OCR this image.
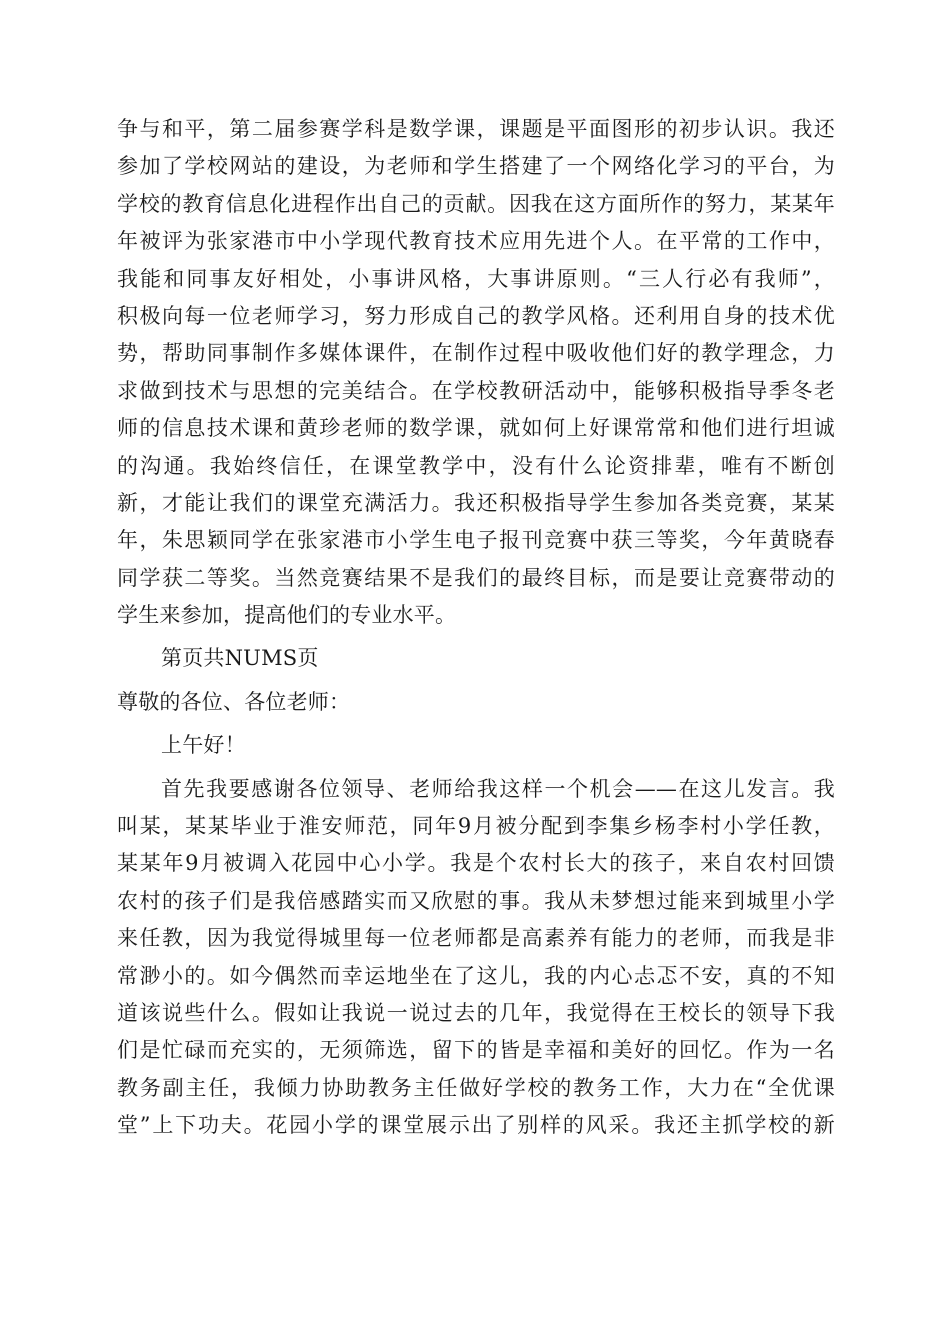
争与和平，第二届参赛学科是数学课，课题是平面图形的初步认识。我还
参加了学校网站的建设，为老师和学生搭建了一个网络化学习的平台，为
学校的教育信息化进程作出自己的贡献。因我在这方面所作的努力，某某年
年被评为张家港市中小学现代教育技术应用先进个人。在平常的工作中，
我能和同事友好相处，小事讲风格，大事讲原则。“三人行必有我师”，
积极向每一位老师学习，努力形成自己的教学风格。还利用自身的技术优
势，帮助同事制作多媒体课件，在制作过程中吸收他们好的教学理念，力
求做到技术与思想的完美结合。在学校教研活动中，能够积极指导季冬老
师的信息技术课和黄珍老师的数学课，就如何上好课常常和他们进行坦诚
的沟通。我始终信任，在课堂教学中，没有什么论资排辈，唯有不断创
新，才能让我们的课堂充满活力。我还积极指导学生参加各类竞赛，某某
年，朱思颖同学在张家港市小学生电子报刊竞赛中获三等奖，今年黄晓春
同学获二等奖。当然竞赛结果不是我们的最终目标，而是要让竞赛带动的
学生来参加，提高他们的专业水平。
第页共NUMS页
尊敬的各位、各位老师：
上午好！
首先我要感谢各位领导、老师给我这样一个机会——在这儿发言。我
叫某，某某毕业于淮安师范，同年9月被分配到李集乡杨李村小学任教，
某某年9月被调入花园中心小学。我是个农村长大的孩子，来自农村回馈
农村的孩子们是我倍感踏实而又欣慰的事。我从未梦想过能来到城里小学
来任教，因为我觉得城里每一位老师都是高素养有能力的老师，而我是非
常渺小的。如今偶然而幸运地坐在了这儿，我的内心忐忑不安，真的不知
道该说些什么。假如让我说一说过去的几年，我觉得在王校长的领导下我
们是忙碌而充实的，无须筛选，留下的皆是幸福和美好的回忆。作为一名
教务副主任，我倾力协助教务主任做好学校的教务工作，大力在“全优课
堂”上下功夫。花园小学的课堂展示出了别样的风采。我还主抓学校的新
